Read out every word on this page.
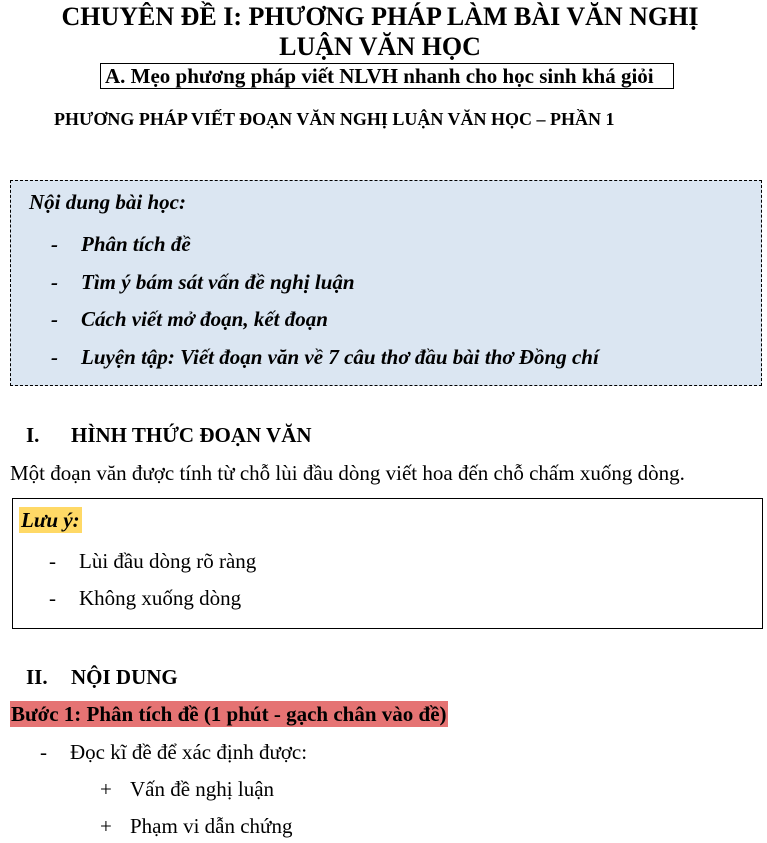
CHUYÊN ĐỀ I: PHƯƠNG PHÁP LÀM BÀI VĂN NGHỊ LUẬN VĂN HỌC
A. Mẹo phương pháp viết NLVH nhanh cho học sinh khá giỏi
PHƯƠNG PHÁP VIẾT ĐOẠN VĂN NGHỊ LUẬN VĂN HỌC – PHẦN 1
Nội dung bài học:
- Phân tích đề
- Tìm ý bám sát vấn đề nghị luận
- Cách viết mở đoạn, kết đoạn
- Luyện tập: Viết đoạn văn về 7 câu thơ đầu bài thơ Đồng chí
I. HÌNH THỨC ĐOẠN VĂN
Một đoạn văn được tính từ chỗ lùi đầu dòng viết hoa đến chỗ chấm xuống dòng.
Lưu ý:
- Lùi đầu dòng rõ ràng
- Không xuống dòng
II. NỘI DUNG
Bước 1: Phân tích đề (1 phút - gạch chân vào đề)
- Đọc kĩ đề để xác định được:
+ Vấn đề nghị luận
+ Phạm vi dẫn chứng
